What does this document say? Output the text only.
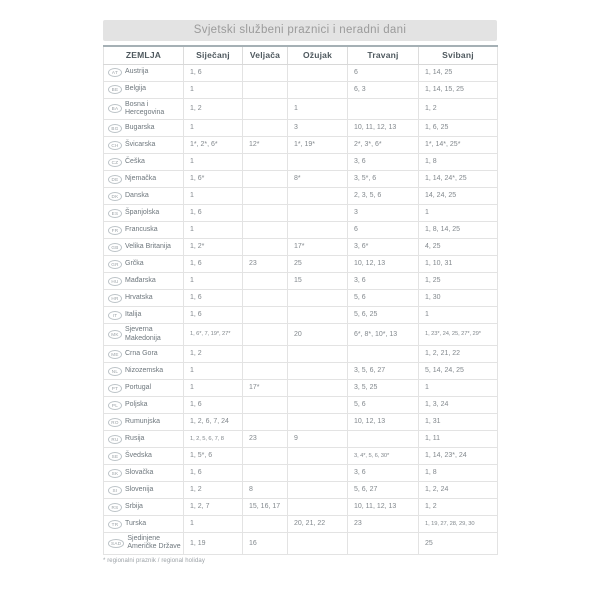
Svjetski službeni praznici i neradni dani
ZEMLJA	Siječanj	Veljača	Ožujak	Travanj	Svibanj

AT Austrija	1, 6			6	1, 14, 25

BE Belgija	1			6, 3	1, 14, 15, 25

BA
Bosna i Hercegovina	1, 2		1		1, 2

BG Bugarska	1		3	10, 11, 12, 13	1, 6, 25

CH Švicarska	1*, 2*, 6*	12*	1*, 19*	2*, 3*, 6*	1*, 14*, 25*

CZ Češka	1			3, 6	1, 8

DE Njemačka	1, 6*		8*	3, 5*, 6	1, 14, 24*, 25

DK Danska	1			2, 3, 5, 6	14, 24, 25

ES Španjolska	1, 6			3	1

FR Francuska	1			6	1, 8, 14, 25

GB Velika Britanija	1, 2*		17*	3, 6*	4, 25

GR Grčka	1, 6	23	25	10, 12, 13	1, 10, 31

HU Mađarska	1		15	3, 6	1, 25

HR Hrvatska	1, 6			5, 6	1, 30

IT Italija	1, 6			5, 6, 25	1

MK
Sjeverna Makedonija	1, 6*, 7, 19*, 27*		20	6*, 8*, 10*, 13	1, 23*, 24, 25, 27*, 29*

ME Crna Gora	1, 2				1, 2, 21, 22

NL Nizozemska	1			3, 5, 6, 27	5, 14, 24, 25

PT Portugal	1	17*		3, 5, 25	1

PL Poljska	1, 6			5, 6	1, 3, 24

RO Rumunjska	1, 2, 6, 7, 24			10, 12, 13	1, 31

RU Rusija	1, 2, 5, 6, 7, 8	23	9		1, 11

SE Švedska	1, 5*, 6			3, 4*, 5, 6, 30*	1, 14, 23*, 24

SK Slovačka	1, 6			3, 6	1, 8

SI Slovenija	1, 2	8		5, 6, 27	1, 2, 24

RS Srbija	1, 2, 7	15, 16, 17		10, 11, 12, 13	1, 2

TR Turska	1		20, 21, 22	23	1, 19, 27, 28, 29, 30

SAD
Sjedinjene Američke Države	1, 19	16			25
* regionalni praznik / regional holiday
